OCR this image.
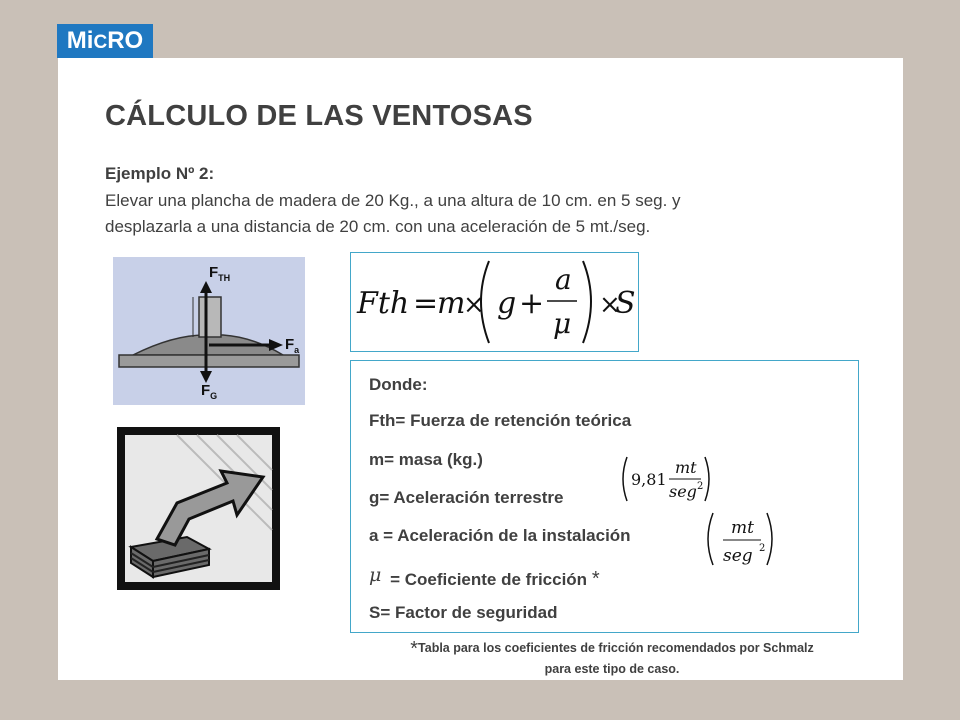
MiCRO
CÁLCULO DE LAS VENTOSAS
Ejemplo Nº 2:
Elevar una plancha de madera de 20 Kg., a una altura de 10 cm. en 5 seg. y
desplazarla a una distancia de 20 cm. con una aceleración de 5 mt./seg.
$F_{TH}$
$F_a$
$F_G$
Fth =
m
× g +
a
μ
×
S
Donde:
Fth= Fuerza de retención teórica
m= masa (kg.)
g= Aceleración terrestre
9,81
mt
seg 2
a = Aceleración de la instalación	mt
seg 2
μ = Coeficiente de fricción *
S= Factor de seguridad
*Tabla para los coeficientes de fricción recomendados por Schmalz
para este tipo de caso.
